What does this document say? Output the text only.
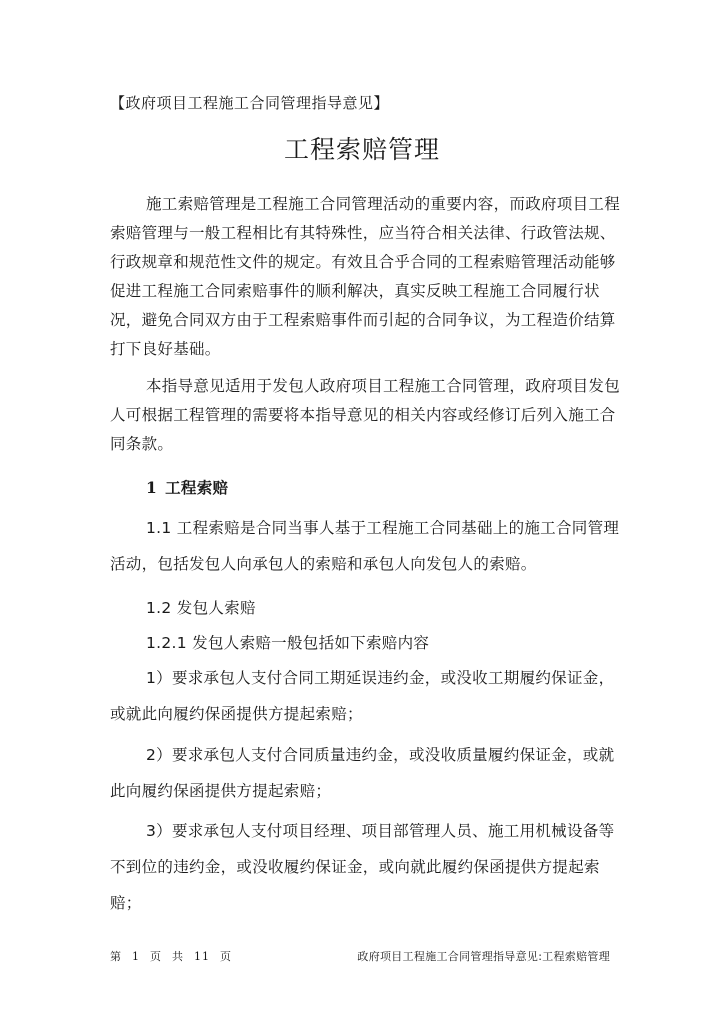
【政府项目工程施工合同管理指导意见】
工程索赔管理

施工索赔管理是工程施工合同管理活动的重要内容，而政府项目工程索赔管理与一般工程相比有其特殊性，应当符合相关法律、行政管法规、行政规章和规范性文件的规定。有效且合乎合同的工程索赔管理活动能够促进工程施工合同索赔事件的顺利解决，真实反映工程施工合同履行状况，避免合同双方由于工程索赔事件而引起的合同争议，为工程造价结算打下良好基础。

本指导意见适用于发包人政府项目工程施工合同管理，政府项目发包人可根据工程管理的需要将本指导意见的相关内容或经修订后列入施工合同条款。

1 工程索赔

1.1 工程索赔是合同当事人基于工程施工合同基础上的施工合同管理活动，包括发包人向承包人的索赔和承包人向发包人的索赔。

1.2 发包人索赔

1.2.1 发包人索赔一般包括如下索赔内容

1）要求承包人支付合同工期延误违约金，或没收工期履约保证金，或就此向履约保函提供方提起索赔；

2）要求承包人支付合同质量违约金，或没收质量履约保证金，或就此向履约保函提供方提起索赔；

3）要求承包人支付项目经理、项目部管理人员、施工用机械设备等不到位的违约金，或没收履约保证金，或向就此履约保函提供方提起索赔；

第 1 页 共 11 页	政府项目工程施工合同管理指导意见:工程索赔管理
